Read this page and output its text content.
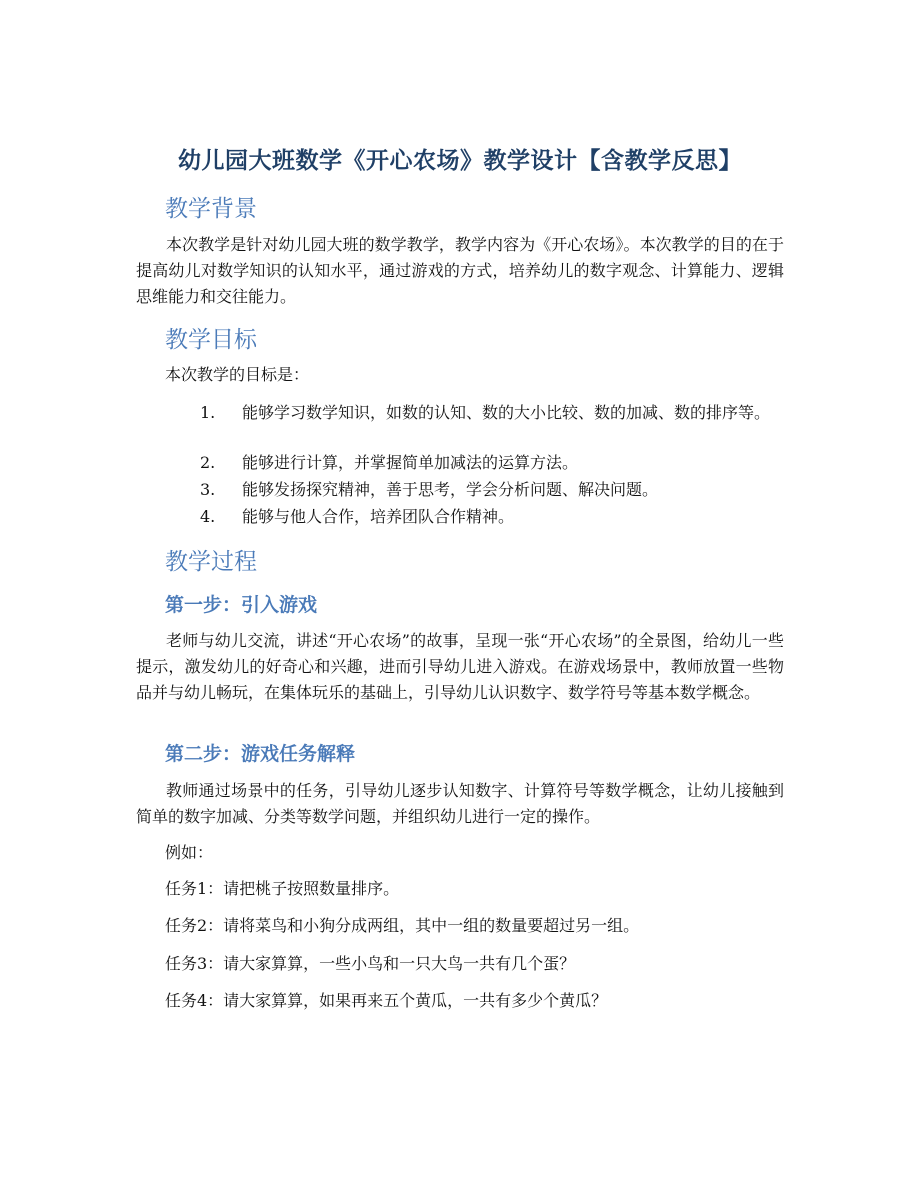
幼儿园大班数学《开心农场》教学设计【含教学反思】
教学背景

本次教学是针对幼儿园大班的数学教学，教学内容为《开心农场》。本次教学的目的在于提高幼儿对数学知识的认知水平，通过游戏的方式，培养幼儿的数字观念、计算能力、逻辑思维能力和交往能力。

教学目标
本次教学的目标是：
1.	能够学习数学知识，如数的认知、数的大小比较、数的加减、数的排序等。
2.	能够进行计算，并掌握简单加减法的运算方法。
3.	能够发扬探究精神，善于思考，学会分析问题、解决问题。
4.	能够与他人合作，培养团队合作精神。
教学过程
第一步：引入游戏

老师与幼儿交流，讲述“开心农场”的故事，呈现一张“开心农场”的全景图，给幼儿一些提示，激发幼儿的好奇心和兴趣，进而引导幼儿进入游戏。在游戏场景中，教师放置一些物品并与幼儿畅玩，在集体玩乐的基础上，引导幼儿认识数字、数学符号等基本数学概念。

第二步：游戏任务解释

教师通过场景中的任务，引导幼儿逐步认知数字、计算符号等数学概念，让幼儿接触到简单的数字加减、分类等数学问题，并组织幼儿进行一定的操作。

例如：
任务1：请把桃子按照数量排序。
任务2：请将菜鸟和小狗分成两组，其中一组的数量要超过另一组。
任务3：请大家算算，一些小鸟和一只大鸟一共有几个蛋？
任务4：请大家算算，如果再来五个黄瓜，一共有多少个黄瓜？
